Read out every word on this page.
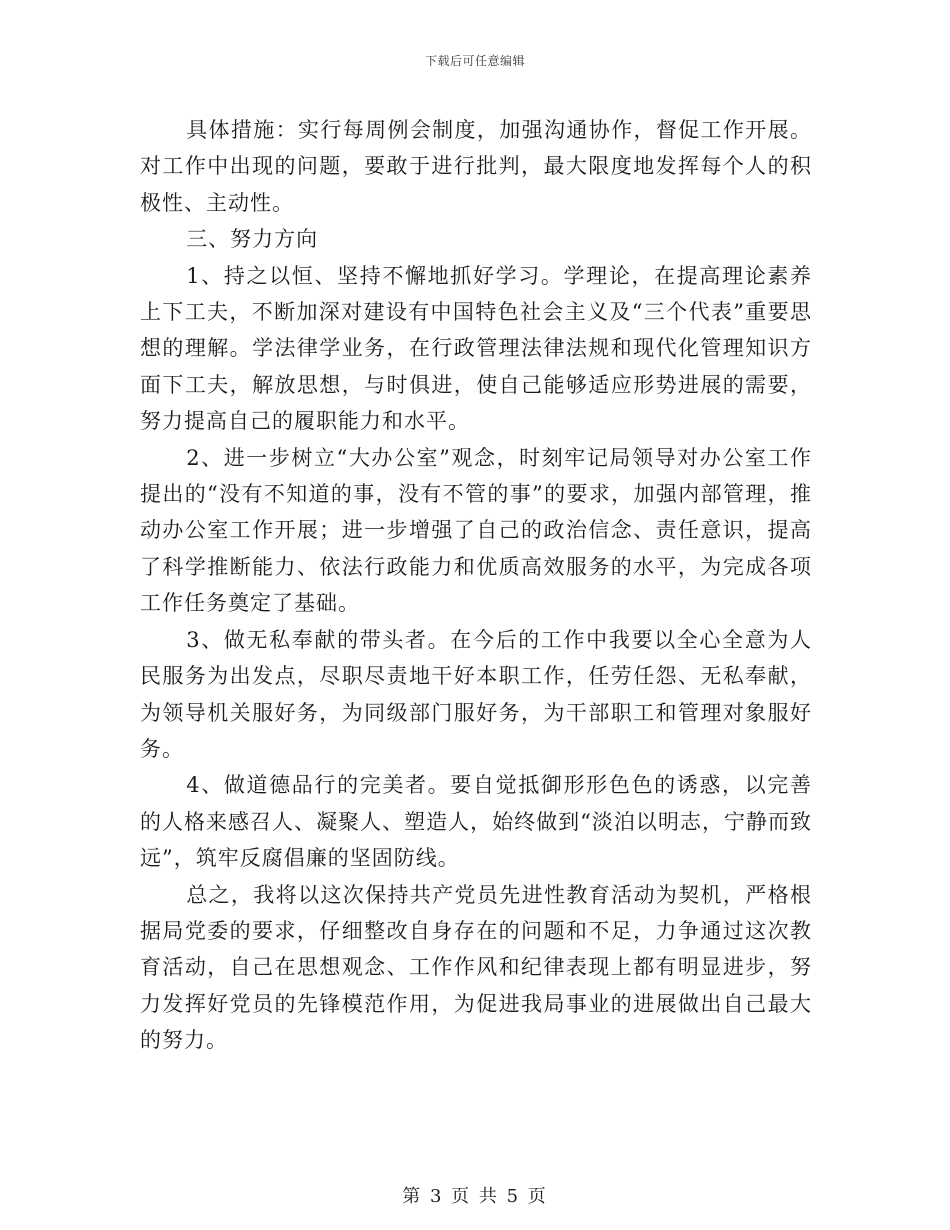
下载后可任意编辑

具体措施：实行每周例会制度，加强沟通协作，督促工作开展。对工作中出现的问题，要敢于进行批判，最大限度地发挥每个人的积极性、主动性。

三、努力方向

1、持之以恒、坚持不懈地抓好学习。学理论，在提高理论素养上下工夫，不断加深对建设有中国特色社会主义及“三个代表”重要思想的理解。学法律学业务，在行政管理法律法规和现代化管理知识方面下工夫，解放思想，与时俱进，使自己能够适应形势进展的需要，努力提高自己的履职能力和水平。

2、进一步树立“大办公室”观念，时刻牢记局领导对办公室工作提出的“没有不知道的事，没有不管的事”的要求，加强内部管理，推动办公室工作开展；进一步增强了自己的政治信念、责任意识，提高了科学推断能力、依法行政能力和优质高效服务的水平，为完成各项工作任务奠定了基础。

3、做无私奉献的带头者。在今后的工作中我要以全心全意为人民服务为出发点，尽职尽责地干好本职工作，任劳任怨、无私奉献，为领导机关服好务，为同级部门服好务，为干部职工和管理对象服好务。

4、做道德品行的完美者。要自觉抵御形形色色的诱惑，以完善的人格来感召人、凝聚人、塑造人，始终做到“淡泊以明志，宁静而致远”，筑牢反腐倡廉的坚固防线。

总之，我将以这次保持共产党员先进性教育活动为契机，严格根据局党委的要求，仔细整改自身存在的问题和不足，力争通过这次教育活动，自己在思想观念、工作作风和纪律表现上都有明显进步，努力发挥好党员的先锋模范作用，为促进我局事业的进展做出自己最大的努力。

第 3 页 共 5 页
